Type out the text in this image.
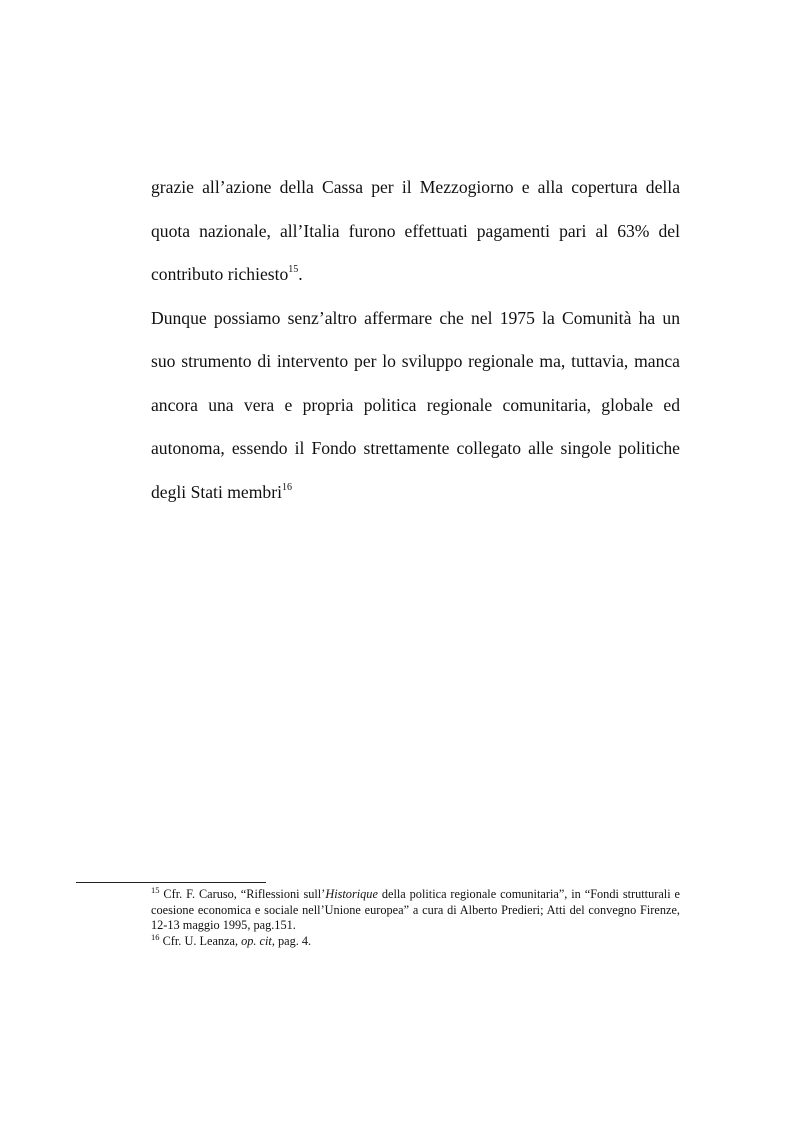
grazie all’azione della Cassa per il Mezzogiorno e alla copertura della quota nazionale, all’Italia furono effettuati pagamenti pari al 63% del contributo richiesto$^{15}$.

Dunque possiamo senz’altro affermare che nel 1975 la Comunità ha un suo strumento di intervento per lo sviluppo regionale ma, tuttavia, manca ancora una vera e propria politica regionale comunitaria, globale ed autonoma, essendo il Fondo strettamente collegato alle singole politiche degli Stati membri$^{16}$

$^{15}$ Cfr. F. Caruso, “Riflessioni sull’Historique della politica regionale comunitaria”, in “Fondi strutturali e coesione economica e sociale nell’Unione europea” a cura di Alberto Predieri; Atti del convegno Firenze, 12-13 maggio 1995, pag.151.

$^{16}$ Cfr. U. Leanza, op. cit, pag. 4.
